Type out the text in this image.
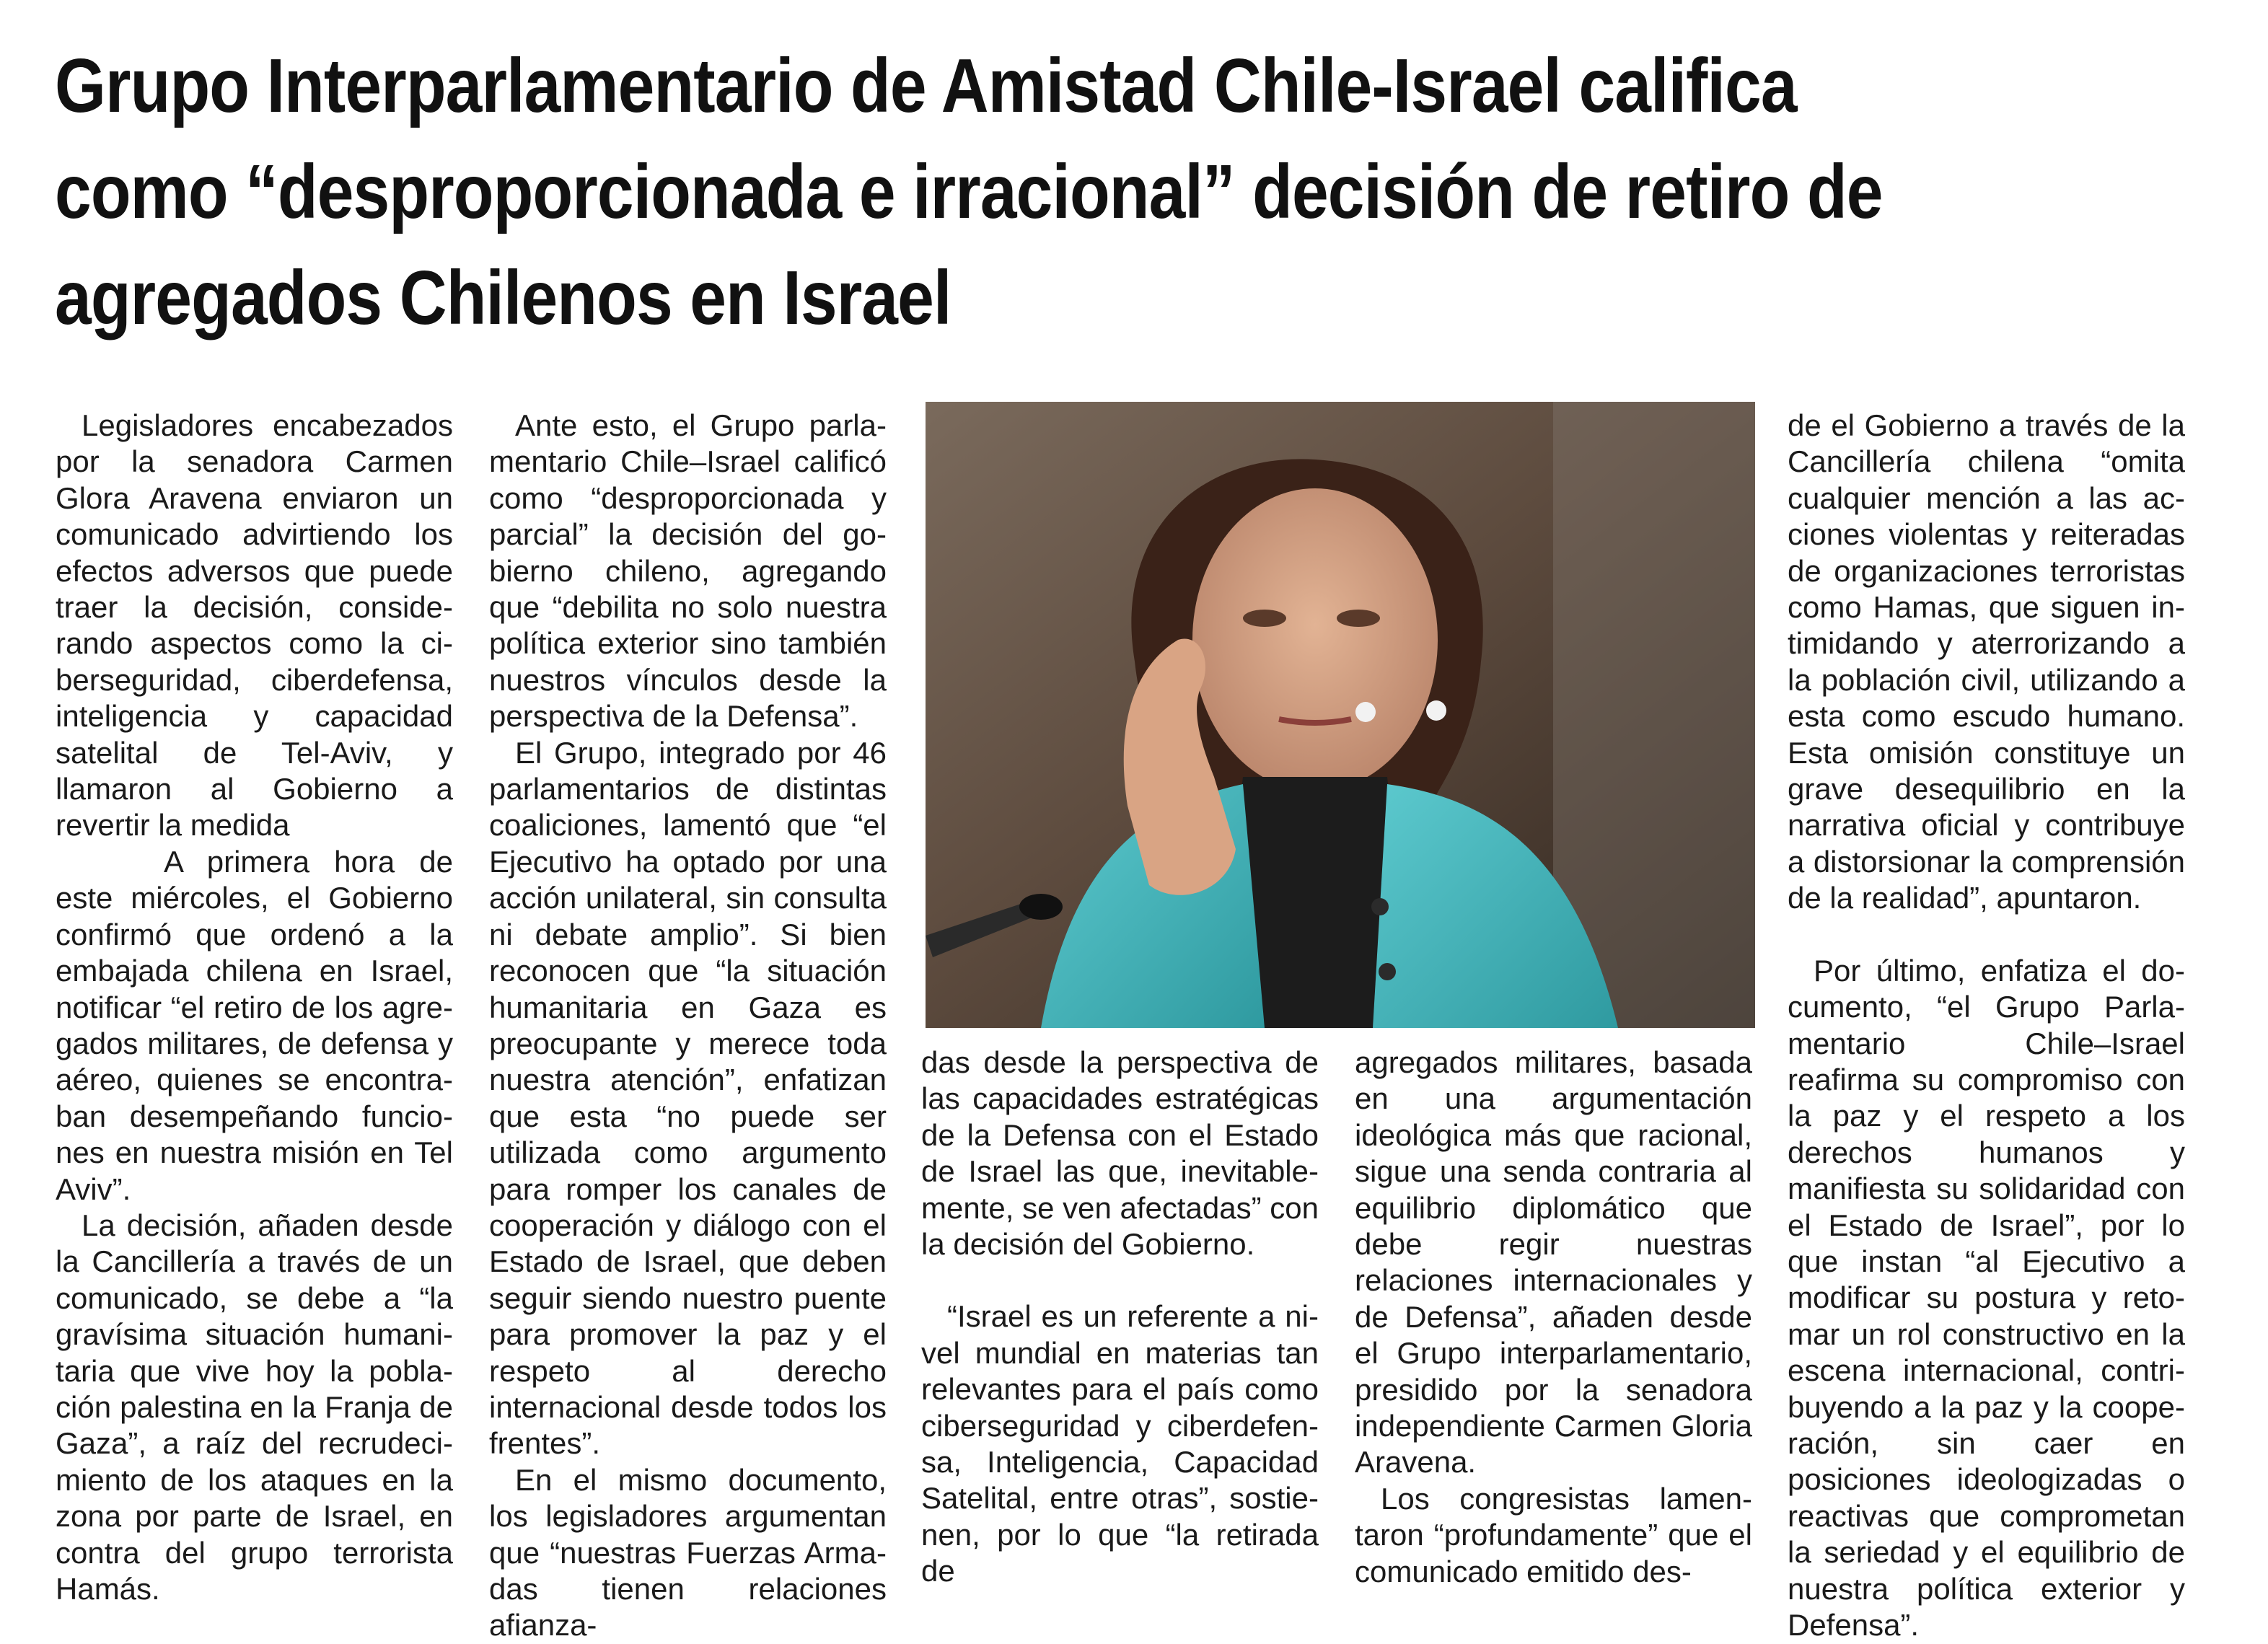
Grupo Interparlamentario de Amistad Chile-Israel califica
como “desproporcionada e irracional” decisión de retiro de
agregados Chilenos en Israel

Legisladores encabezados por la senadora Carmen Glora Aravena enviaron un comunicado advirtiendo los efectos adversos que puede traer la decisión, considerando aspectos como la ciberseguridad, ciberdefensa, inteligencia y capacidad satelital de Tel-Aviv, y llamaron al Gobierno a revertir la medida

A primera hora de este miércoles, el Gobierno confirmó que ordenó a la embajada chilena en Israel, notificar “el retiro de los agregados militares, de defensa y aéreo, quienes se encontraban desempeñando funciones en nuestra misión en Tel Aviv”.

La decisión, añaden desde la Cancillería a través de un comunicado, se debe a “la gravísima situación humanitaria que vive hoy la población palestina en la Franja de Gaza”, a raíz del recrudecimiento de los ataques en la zona por parte de Israel, en contra del grupo terrorista Hamás.

Ante esto, el Grupo parlamentario Chile–Israel calificó como “desproporcionada y parcial” la decisión del gobierno chileno, agregando que “debilita no solo nuestra política exterior sino también nuestros vínculos desde la perspectiva de la Defensa”.

El Grupo, integrado por 46 parlamentarios de distintas coaliciones, lamentó que “el Ejecutivo ha optado por una acción unilateral, sin consulta ni debate amplio”. Si bien reconocen que “la situación humanitaria en Gaza es preocupante y merece toda nuestra atención”, enfatizan que esta “no puede ser utilizada como argumento para romper los canales de cooperación y diálogo con el Estado de Israel, que deben seguir siendo nuestro puente para promover la paz y el respeto al derecho internacional desde todos los frentes”.

En el mismo documento, los legisladores argumentan que “nuestras Fuerzas Armadas tienen relaciones afianza-

das desde la perspectiva de las capacidades estratégicas de la Defensa con el Estado de Israel las que, inevitablemente, se ven afectadas” con la decisión del Gobierno.

“Israel es un referente a nivel mundial en materias tan relevantes para el país como ciberseguridad y ciberdefensa, Inteligencia, Capacidad Satelital, entre otras”, sostienen, por lo que “la retirada de

agregados militares, basada en una argumentación ideológica más que racional, sigue una senda contraria al equilibrio diplomático que debe regir nuestras relaciones internacionales y de Defensa”, añaden desde el Grupo interparlamentario, presidido por la senadora independiente Carmen Gloria Aravena.

Los congresistas lamentaron “profundamente” que el comunicado emitido des-

de el Gobierno a través de la Cancillería chilena “omita cualquier mención a las acciones violentas y reiteradas de organizaciones terroristas como Hamas, que siguen intimidando y aterrorizando a la población civil, utilizando a esta como escudo humano. Esta omisión constituye un grave desequilibrio en la narrativa oficial y contribuye a distorsionar la comprensión de la realidad”, apuntaron.

Por último, enfatiza el documento, “el Grupo Parlamentario Chile–Israel reafirma su compromiso con la paz y el respeto a los derechos humanos y manifiesta su solidaridad con el Estado de Israel”, por lo que instan “al Ejecutivo a modificar su postura y retomar un rol constructivo en la escena internacional, contribuyendo a la paz y la cooperación, sin caer en posiciones ideologizadas o reactivas que comprometan la seriedad y el equilibrio de nuestra política exterior y Defensa”.
